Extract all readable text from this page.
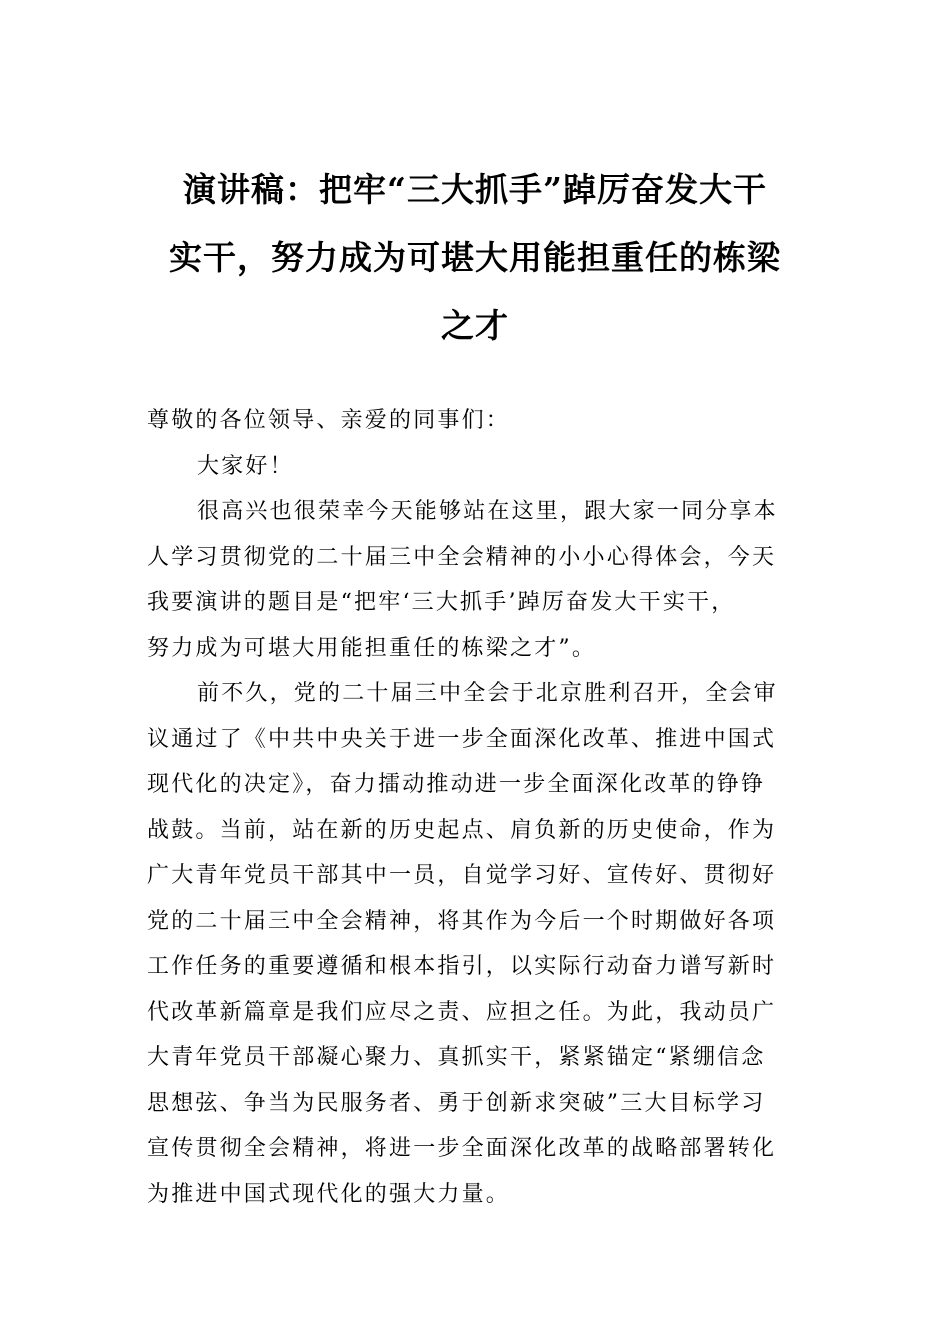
演讲稿：把牢“三大抓手”踔厉奋发大干
实干，努力成为可堪大用能担重任的栋梁
之才
尊敬的各位领导、亲爱的同事们：
大家好！
很高兴也很荣幸今天能够站在这里，跟大家一同分享本
人学习贯彻党的二十届三中全会精神的小小心得体会，今天
我要演讲的题目是“把牢‘三大抓手’踔厉奋发大干实干，
努力成为可堪大用能担重任的栋梁之才”。
前不久，党的二十届三中全会于北京胜利召开，全会审
议通过了《中共中央关于进一步全面深化改革、推进中国式
现代化的决定》，奋力擂动推动进一步全面深化改革的铮铮
战鼓。当前，站在新的历史起点、肩负新的历史使命，作为
广大青年党员干部其中一员，自觉学习好、宣传好、贯彻好
党的二十届三中全会精神，将其作为今后一个时期做好各项
工作任务的重要遵循和根本指引，以实际行动奋力谱写新时
代改革新篇章是我们应尽之责、应担之任。为此，我动员广
大青年党员干部凝心聚力、真抓实干，紧紧锚定“紧绷信念
思想弦、争当为民服务者、勇于创新求突破”三大目标学习
宣传贯彻全会精神，将进一步全面深化改革的战略部署转化
为推进中国式现代化的强大力量。
